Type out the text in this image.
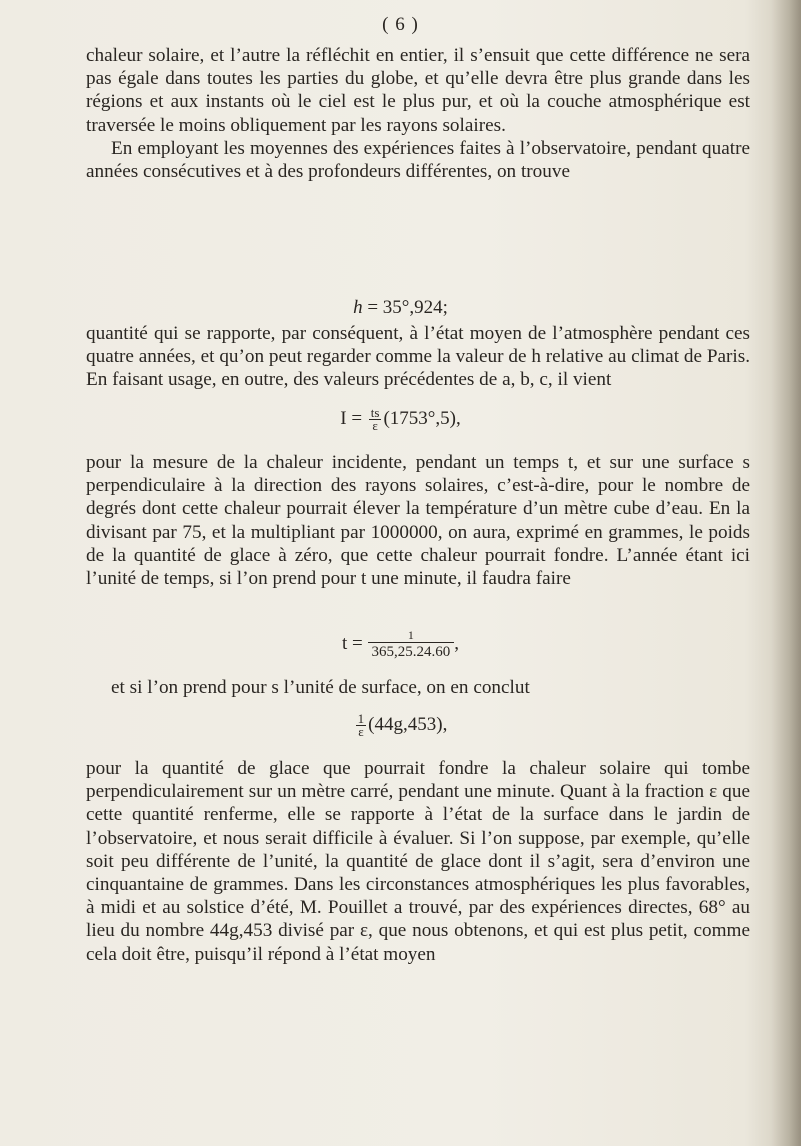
( 6 )

chaleur solaire, et l’autre la réfléchit en entier, il s’ensuit que cette différence ne sera pas égale dans toutes les parties du globe, et qu’elle devra être plus grande dans les régions et aux instants où le ciel est le plus pur, et où la couche atmosphérique est traversée le moins obliquement par les rayons solaires.

En employant les moyennes des expériences faites à l’observatoire, pendant quatre années consécutives et à des profondeurs différentes, on trouve

h = 35°,924;

quantité qui se rapporte, par conséquent, à l’état moyen de l’atmosphère pendant ces quatre années, et qu’on peut regarder comme la valeur de h relative au climat de Paris. En faisant usage, en outre, des valeurs précédentes de a, b, c, il vient

$I = \frac{ts}{\varepsilon} (1753^\circ,5)$,

pour la mesure de la chaleur incidente, pendant un temps t, et sur une surface s perpendiculaire à la direction des rayons solaires, c’est-à-dire, pour le nombre de degrés dont cette chaleur pourrait élever la température d’un mètre cube d’eau. En la divisant par 75, et la multipliant par 1000000, on aura, exprimé en grammes, le poids de la quantité de glace à zéro, que cette chaleur pourrait fondre. L’année étant ici l’unité de temps, si l’on prend pour t une minute, il faudra faire

$t = \frac{1}{365,25.24.60}$ ,

et si l’on prend pour s l’unité de surface, on en conclut

$\frac{1}{\varepsilon} (44g,453)$,

pour la quantité de glace que pourrait fondre la chaleur solaire qui tombe perpendiculairement sur un mètre carré, pendant une minute. Quant à la fraction ε que cette quantité renferme, elle se rapporte à l’état de la surface dans le jardin de l’observatoire, et nous serait difficile à évaluer. Si l’on suppose, par exemple, qu’elle soit peu différente de l’unité, la quantité de glace dont il s’agit, sera d’environ une cinquantaine de grammes. Dans les circonstances atmosphériques les plus favorables, à midi et au solstice d’été, M. Pouillet a trouvé, par des expériences directes, 68° au lieu du nombre 44g,453 divisé par ε, que nous obtenons, et qui est plus petit, comme cela doit être, puisqu’il répond à l’état moyen
